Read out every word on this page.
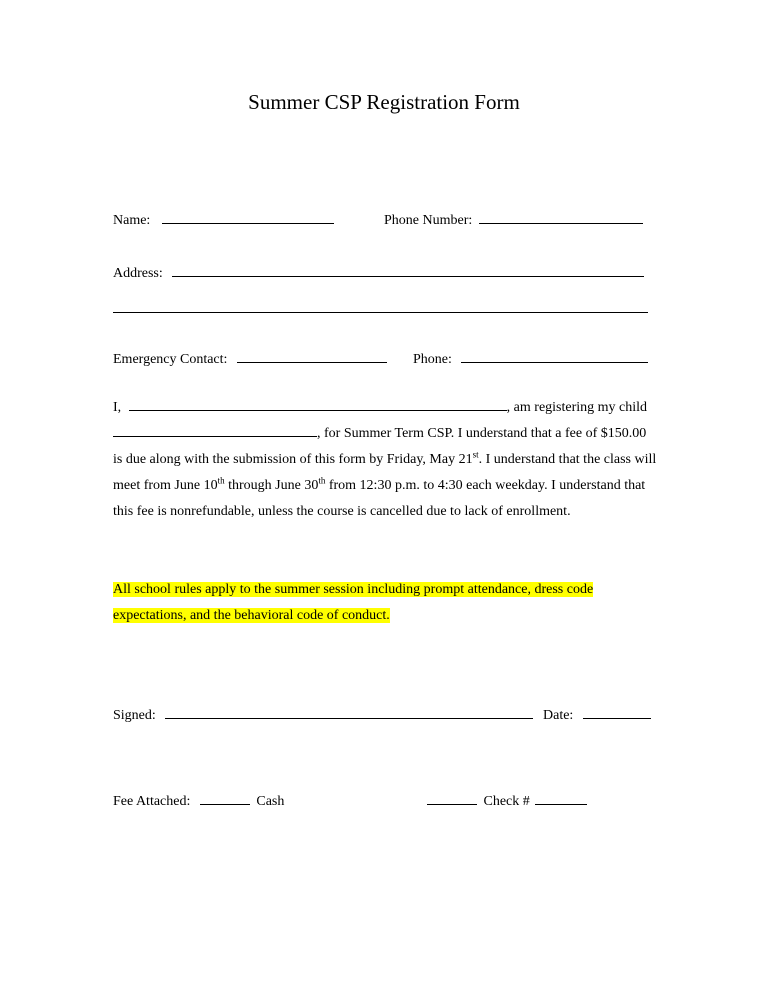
Summer CSP Registration Form
Name:	Phone Number:
Address:
Emergency Contact:	Phone:
I,	, am registering my child , for Summer Term CSP. I understand that a fee of $150.00 is due along with the submission of this form by Friday, May 21st. I understand that the class will meet from June 10th through June 30th from 12:30 p.m. to 4:30 each weekday. I understand that this fee is nonrefundable, unless the course is cancelled due to lack of enrollment.
All school rules apply to the summer session including prompt attendance, dress code expectations, and the behavioral code of conduct.
Signed:	Date:
Fee Attached:	Cash	Check #
